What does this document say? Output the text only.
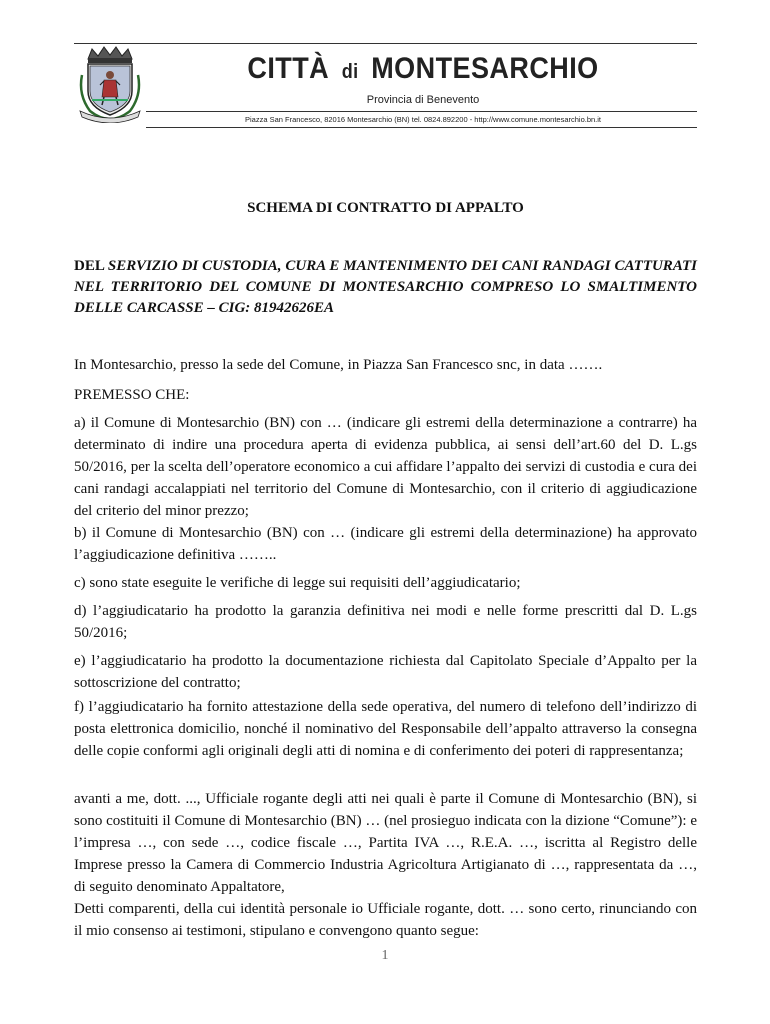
CITTÀ di MONTESARCHIO
Provincia di Benevento
Piazza San Francesco, 82016 Montesarchio (BN) tel. 0824.892200 - http://www.comune.montesarchio.bn.it
SCHEMA DI CONTRATTO DI APPALTO
DEL SERVIZIO DI CUSTODIA, CURA E MANTENIMENTO DEI CANI RANDAGI CATTURATI NEL TERRITORIO DEL COMUNE DI MONTESARCHIO COMPRESO LO SMALTIMENTO DELLE CARCASSE – CIG: 81942626EA

In Montesarchio, presso la sede del Comune, in Piazza San Francesco snc, in data …….

PREMESSO CHE:

a) il Comune di Montesarchio (BN) con … (indicare gli estremi della determinazione a contrarre) ha determinato di indire una procedura aperta di evidenza pubblica, ai sensi dell’art.60 del D. L.gs 50/2016, per la scelta dell’operatore economico a cui affidare l’appalto dei servizi di custodia e cura dei cani randagi accalappiati nel territorio del Comune di Montesarchio, con il criterio di aggiudicazione del criterio del minor prezzo;

b) il Comune di Montesarchio (BN) con … (indicare gli estremi della determinazione) ha approvato l’aggiudicazione definitiva ……..

c) sono state eseguite le verifiche di legge sui requisiti dell’aggiudicatario;

d) l’aggiudicatario ha prodotto la garanzia definitiva nei modi e nelle forme prescritti dal D. L.gs 50/2016;

e) l’aggiudicatario ha prodotto la documentazione richiesta dal Capitolato Speciale d’Appalto per la sottoscrizione del contratto;

f) l’aggiudicatario ha fornito attestazione della sede operativa, del numero di telefono dell’indirizzo di posta elettronica domicilio, nonché il nominativo del Responsabile dell’appalto attraverso la consegna delle copie conformi agli originali degli atti di nomina e di conferimento dei poteri di rappresentanza;

avanti a me, dott. ..., Ufficiale rogante degli atti nei quali è parte il Comune di Montesarchio (BN), si sono costituiti il Comune di Montesarchio (BN) … (nel prosieguo indicata con la dizione “Comune”): e l’impresa …, con sede …, codice fiscale …, Partita IVA …, R.E.A. …, iscritta al Registro delle Imprese presso la Camera di Commercio Industria Agricoltura Artigianato di …, rappresentata da …, di seguito denominato Appaltatore,

Detti comparenti, della cui identità personale io Ufficiale rogante, dott. … sono certo, rinunciando con il mio consenso ai testimoni, stipulano e convengono quanto segue:

1
